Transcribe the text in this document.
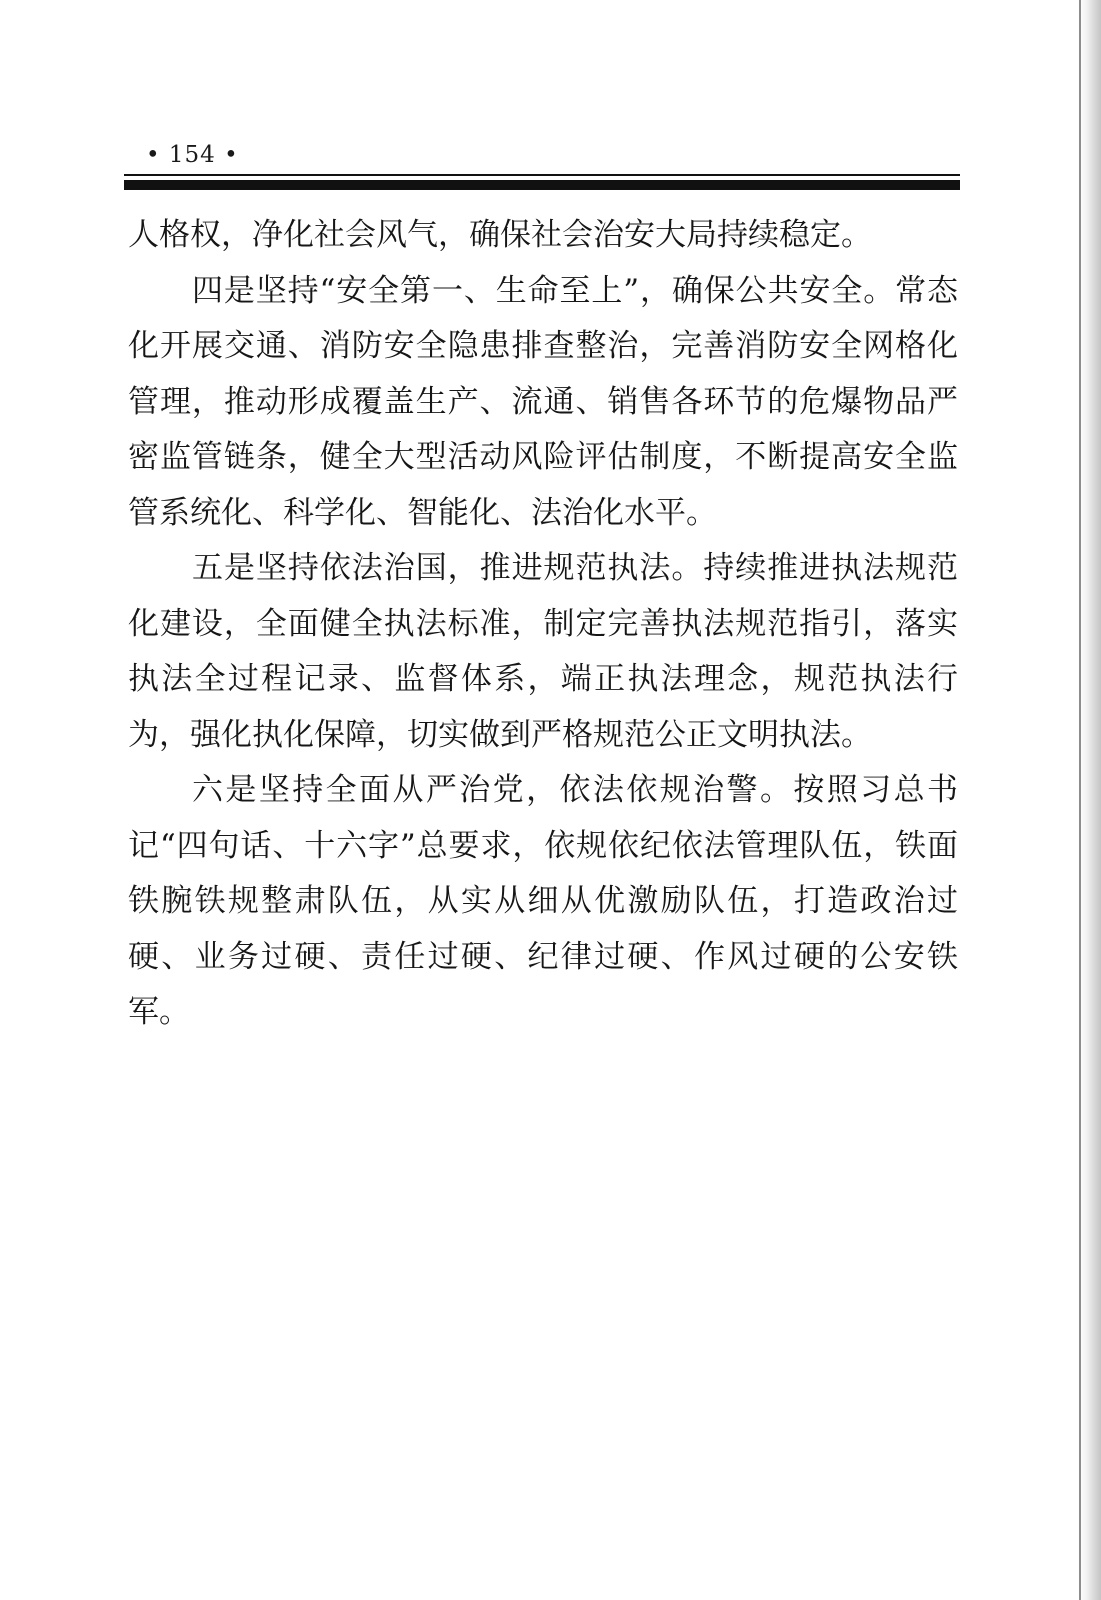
• 154 •

人格权，净化社会风气，确保社会治安大局持续稳定。

四是坚持“安全第一、生命至上”，确保公共安全。常态化开展交通、消防安全隐患排查整治，完善消防安全网格化管理，推动形成覆盖生产、流通、销售各环节的危爆物品严密监管链条，健全大型活动风险评估制度，不断提高安全监管系统化、科学化、智能化、法治化水平。

五是坚持依法治国，推进规范执法。持续推进执法规范化建设，全面健全执法标准，制定完善执法规范指引，落实执法全过程记录、监督体系，端正执法理念，规范执法行为，强化执化保障，切实做到严格规范公正文明执法。

六是坚持全面从严治党，依法依规治警。按照习总书记“四句话、十六字”总要求，依规依纪依法管理队伍，铁面铁腕铁规整肃队伍，从实从细从优激励队伍，打造政治过硬、业务过硬、责任过硬、纪律过硬、作风过硬的公安铁军。
